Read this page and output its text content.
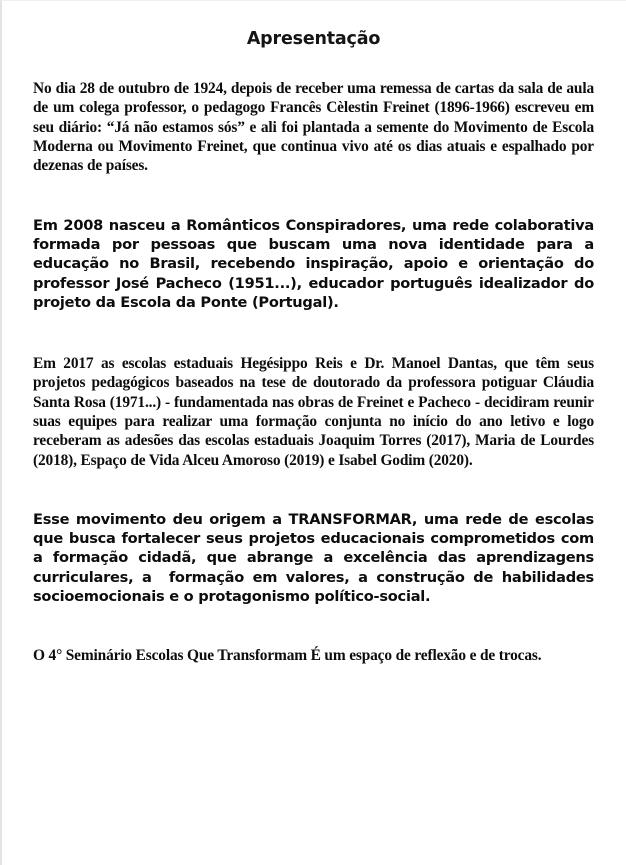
Apresentação

No dia 28 de outubro de 1924, depois de receber uma remessa de cartas da sala de aula de um colega professor, o pedagogo Francês Cèlestin Freinet (1896-1966) escreveu em seu diário: “Já não estamos sós” e ali foi plantada a semente do Movimento de Escola Moderna ou Movimento Freinet, que continua vivo até os dias atuais e espalhado por dezenas de países.

Em 2008 nasceu a Românticos Conspiradores, uma rede colaborativa formada por pessoas que buscam uma nova identidade para a educação no Brasil, recebendo inspiração, apoio e orientação do professor José Pacheco (1951...), educador português idealizador do projeto da Escola da Ponte (Portugal).

Em 2017 as escolas estaduais Hegésippo Reis e Dr. Manoel Dantas, que têm seus projetos pedagógicos baseados na tese de doutorado da professora potiguar Cláudia Santa Rosa (1971...) - fundamentada nas obras de Freinet e Pacheco - decidiram reunir suas equipes para realizar uma formação conjunta no início do ano letivo e logo receberam as adesões das escolas estaduais Joaquim Torres (2017), Maria de Lourdes (2018), Espaço de Vida Alceu Amoroso (2019) e Isabel Godim (2020).

Esse movimento deu origem a TRANSFORMAR, uma rede de escolas que busca fortalecer seus projetos educacionais comprometidos com a formação cidadã, que abrange a excelência das aprendizagens curriculares, a  formação em valores, a construção de habilidades socioemocionais e o protagonismo político-social.

O 4° Seminário Escolas Que Transformam É um espaço de reflexão e de trocas.
